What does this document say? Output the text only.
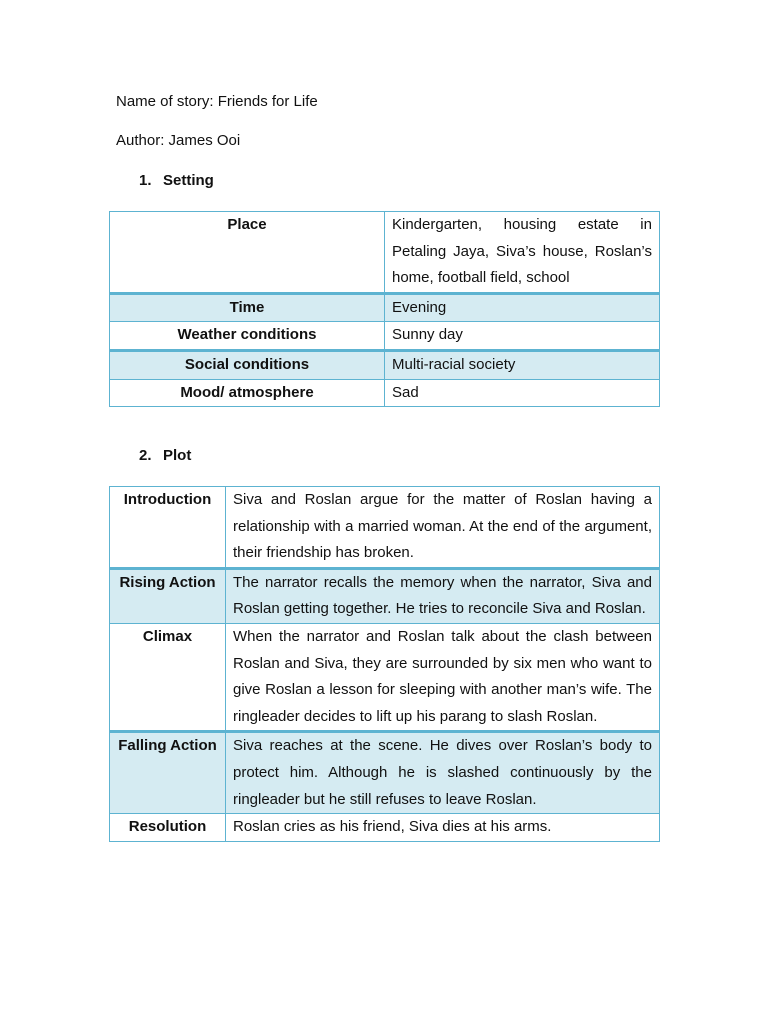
Name of story: Friends for Life
Author: James Ooi
1. Setting
Place	Kindergarten, housing estate in Petaling Jaya, Siva’s house, Roslan’s home, football field, school
Time	Evening
Weather conditions	Sunny day
Social conditions	Multi-racial society
Mood/ atmosphere	Sad
2. Plot
Introduction	Siva and Roslan argue for the matter of Roslan having a relationship with a married woman. At the end of the argument, their friendship has broken.
Rising Action	The narrator recalls the memory when the narrator, Siva and Roslan getting together. He tries to reconcile Siva and Roslan.
Climax	When the narrator and Roslan talk about the clash between Roslan and Siva, they are surrounded by six men who want to give Roslan a lesson for sleeping with another man’s wife. The ringleader decides to lift up his parang to slash Roslan.
Falling Action	Siva reaches at the scene. He dives over Roslan’s body to protect him. Although he is slashed continuously by the ringleader but he still refuses to leave Roslan.
Resolution	Roslan cries as his friend, Siva dies at his arms.
